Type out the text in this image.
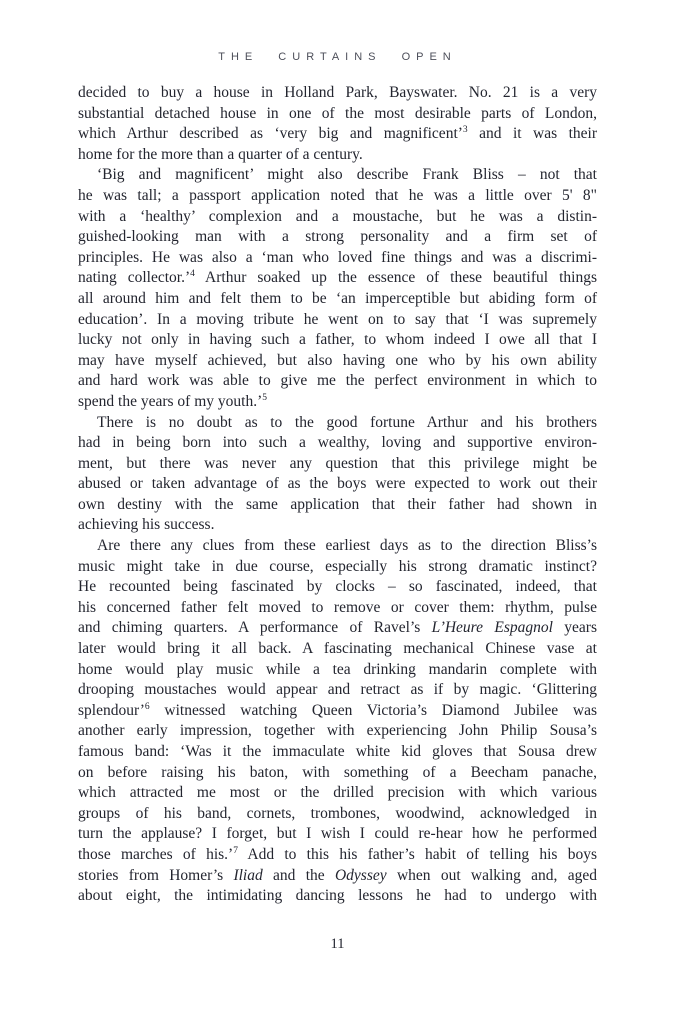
THE CURTAINS OPEN
decided to buy a house in Holland Park, Bayswater. No. 21 is a very
substantial detached house in one of the most desirable parts of London,
which Arthur described as ‘very big and magnificent’$^3$ and it was their
home for the more than a quarter of a century.
‘Big and magnificent’ might also describe Frank Bliss – not that
he was tall; a passport application noted that he was a little over 5' 8"
with a ‘healthy’ complexion and a moustache, but he was a distin-
guished-looking man with a strong personality and a firm set of
principles. He was also a ‘man who loved fine things and was a discrimi-
nating collector.’$^4$ Arthur soaked up the essence of these beautiful things
all around him and felt them to be ‘an imperceptible but abiding form of
education’. In a moving tribute he went on to say that ‘I was supremely
lucky not only in having such a father, to whom indeed I owe all that I
may have myself achieved, but also having one who by his own ability
and hard work was able to give me the perfect environment in which to
spend the years of my youth.’$^5$
There is no doubt as to the good fortune Arthur and his brothers
had in being born into such a wealthy, loving and supportive environ-
ment, but there was never any question that this privilege might be
abused or taken advantage of as the boys were expected to work out their
own destiny with the same application that their father had shown in
achieving his success.
Are there any clues from these earliest days as to the direction Bliss’s
music might take in due course, especially his strong dramatic instinct?
He recounted being fascinated by clocks – so fascinated, indeed, that
his concerned father felt moved to remove or cover them: rhythm, pulse
and chiming quarters. A performance of Ravel’s L’Heure Espagnol years
later would bring it all back. A fascinating mechanical Chinese vase at
home would play music while a tea drinking mandarin complete with
drooping moustaches would appear and retract as if by magic. ‘Glittering
splendour’$^6$ witnessed watching Queen Victoria’s Diamond Jubilee was
another early impression, together with experiencing John Philip Sousa’s
famous band: ‘Was it the immaculate white kid gloves that Sousa drew
on before raising his baton, with something of a Beecham panache,
which attracted me most or the drilled precision with which various
groups of his band, cornets, trombones, woodwind, acknowledged in
turn the applause? I forget, but I wish I could re-hear how he performed
those marches of his.’$^7$ Add to this his father’s habit of telling his boys
stories from Homer’s Iliad and the Odyssey when out walking and, aged
about eight, the intimidating dancing lessons he had to undergo with
11
